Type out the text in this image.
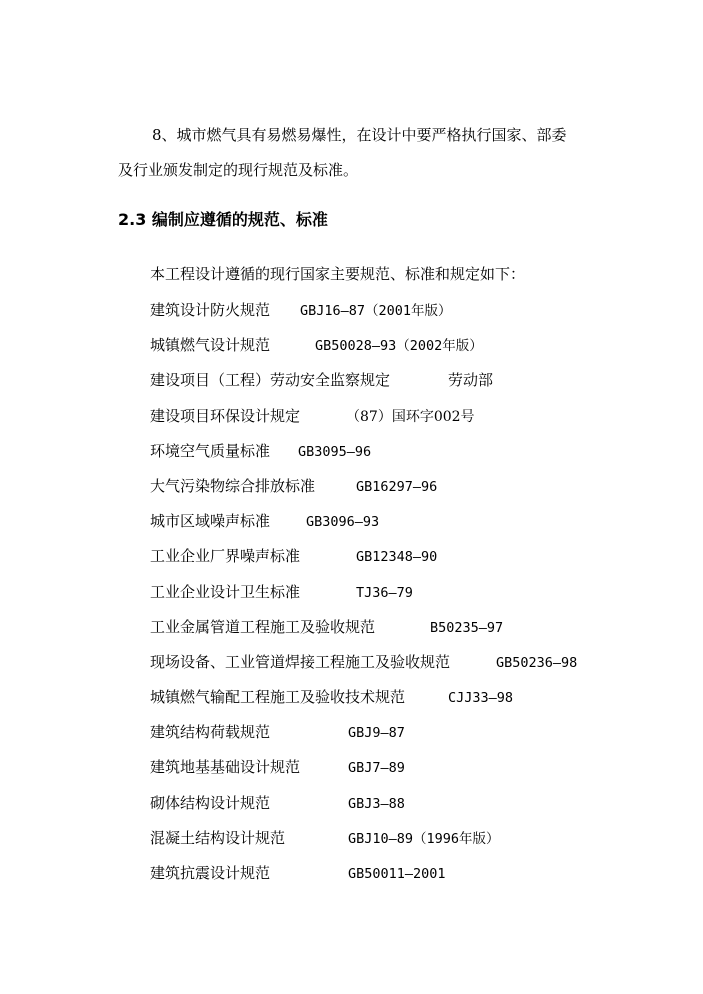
8、城市燃气具有易燃易爆性，在设计中要严格执行国家、部委
及行业颁发制定的现行规范及标准。

2.3 编制应遵循的规范、标准

本工程设计遵循的现行国家主要规范、标准和规定如下：

建筑设计防火规范 GBJ16—87（2001年版）
城镇燃气设计规范	GB50028—93（2002年版）
建设项目（工程）劳动安全监察规定	劳动部
建设项目环保设计规定	（87）国环字002号
环境空气质量标准 GB3095—96
大气污染物综合排放标准	GB16297—96
城市区域噪声标准	GB3096—93
工业企业厂界噪声标准	GB12348—90
工业企业设计卫生标准	TJ36—79
工业金属管道工程施工及验收规范	B50235—97
现场设备、工业管道焊接工程施工及验收规范	GB50236—98
城镇燃气输配工程施工及验收技术规范	CJJ33—98
建筑结构荷载规范	GBJ9—87
建筑地基基础设计规范	GBJ7—89
砌体结构设计规范	GBJ3—88
混凝土结构设计规范	GBJ10—89（1996年版）
建筑抗震设计规范	GB50011—2001
